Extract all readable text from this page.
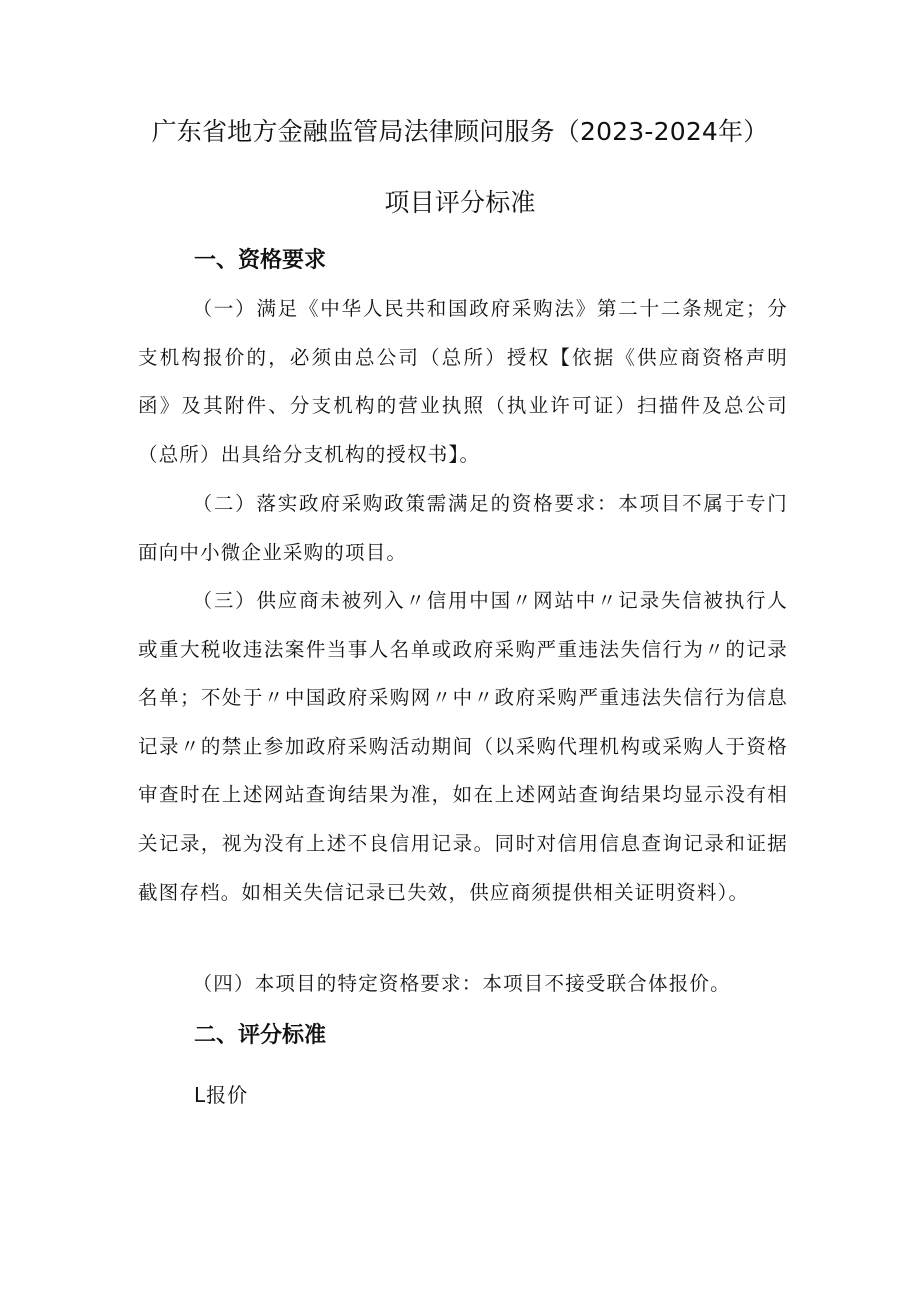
广东省地方金融监管局法律顾问服务（2023-2024年）
项目评分标准
一、资格要求

（一）满足《中华人民共和国政府采购法》第二十二条规定；分支机构报价的，必须由总公司（总所）授权【依据《供应商资格声明函》及其附件、分支机构的营业执照（执业许可证）扫描件及总公司（总所）出具给分支机构的授权书】。

（二）落实政府采购政策需满足的资格要求：本项目不属于专门面向中小微企业采购的项目。

（三）供应商未被列入〃信用中国〃网站中〃记录失信被执行人或重大税收违法案件当事人名单或政府采购严重违法失信行为〃的记录名单；不处于〃中国政府采购网〃中〃政府采购严重违法失信行为信息记录〃的禁止参加政府采购活动期间（以采购代理机构或采购人于资格审查时在上述网站查询结果为准，如在上述网站查询结果均显示没有相关记录，视为没有上述不良信用记录。同时对信用信息查询记录和证据截图存档。如相关失信记录已失效，供应商须提供相关证明资料）。

（四）本项目的特定资格要求：本项目不接受联合体报价。

二、评分标准
L报价
